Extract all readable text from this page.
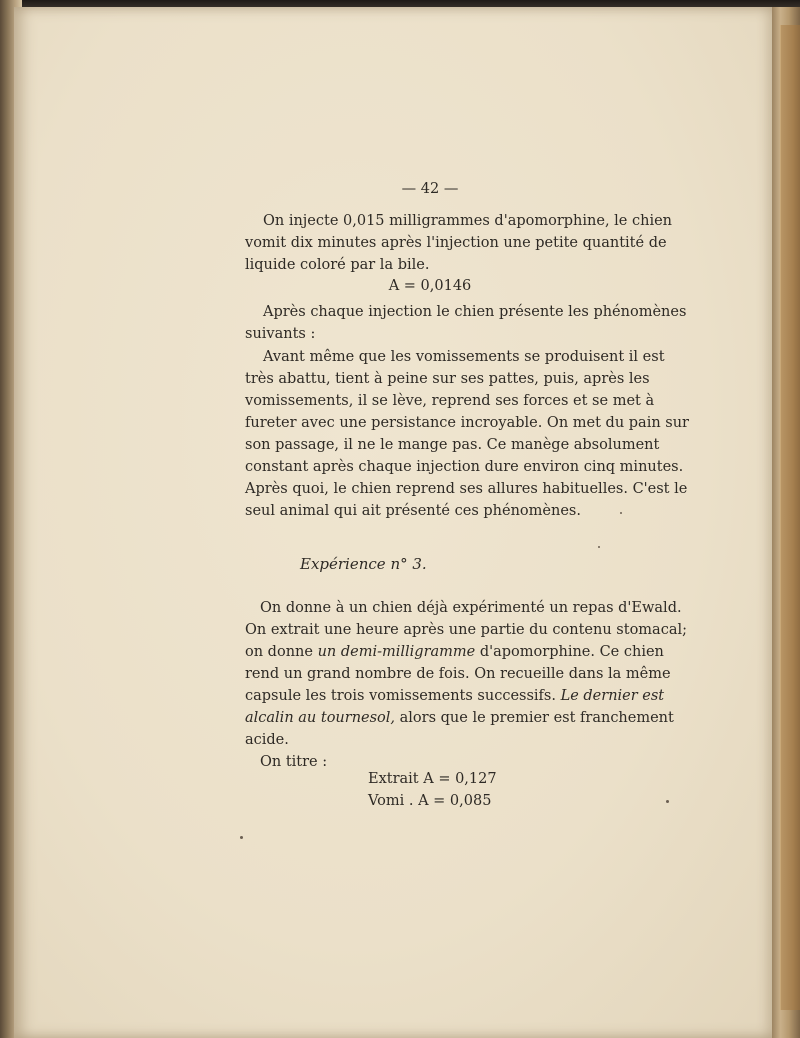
— 42 —
On injecte 0,015 milligrammes d'apomorphine, le chien
vomit dix minutes après l'injection une petite quantité de
liquide coloré par la bile.
A = 0,0146
Après chaque injection le chien présente les phénomènes
suivants :
Avant même que les vomissements se produisent il est
très abattu, tient à peine sur ses pattes, puis, après les
vomissements, il se lève, reprend ses forces et se met à
fureter avec une persistance incroyable. On met du pain sur
son passage, il ne le mange pas. Ce manège absolument
constant après chaque injection dure environ cinq minutes.
Après quoi, le chien reprend ses allures habituelles. C'est le
seul animal qui ait présenté ces phénomènes.
Expérience n° 3.
On donne à un chien déjà expérimenté un repas d'Ewald.
On extrait une heure après une partie du contenu stomacal;
on donne un demi-milligramme d'apomorphine. Ce chien
rend un grand nombre de fois. On recueille dans la même
capsule les trois vomissements successifs. Le dernier est
alcalin au tournesol, alors que le premier est franchement
acide.
On titre :
Extrait A = 0,127
Vomi . A = 0,085
